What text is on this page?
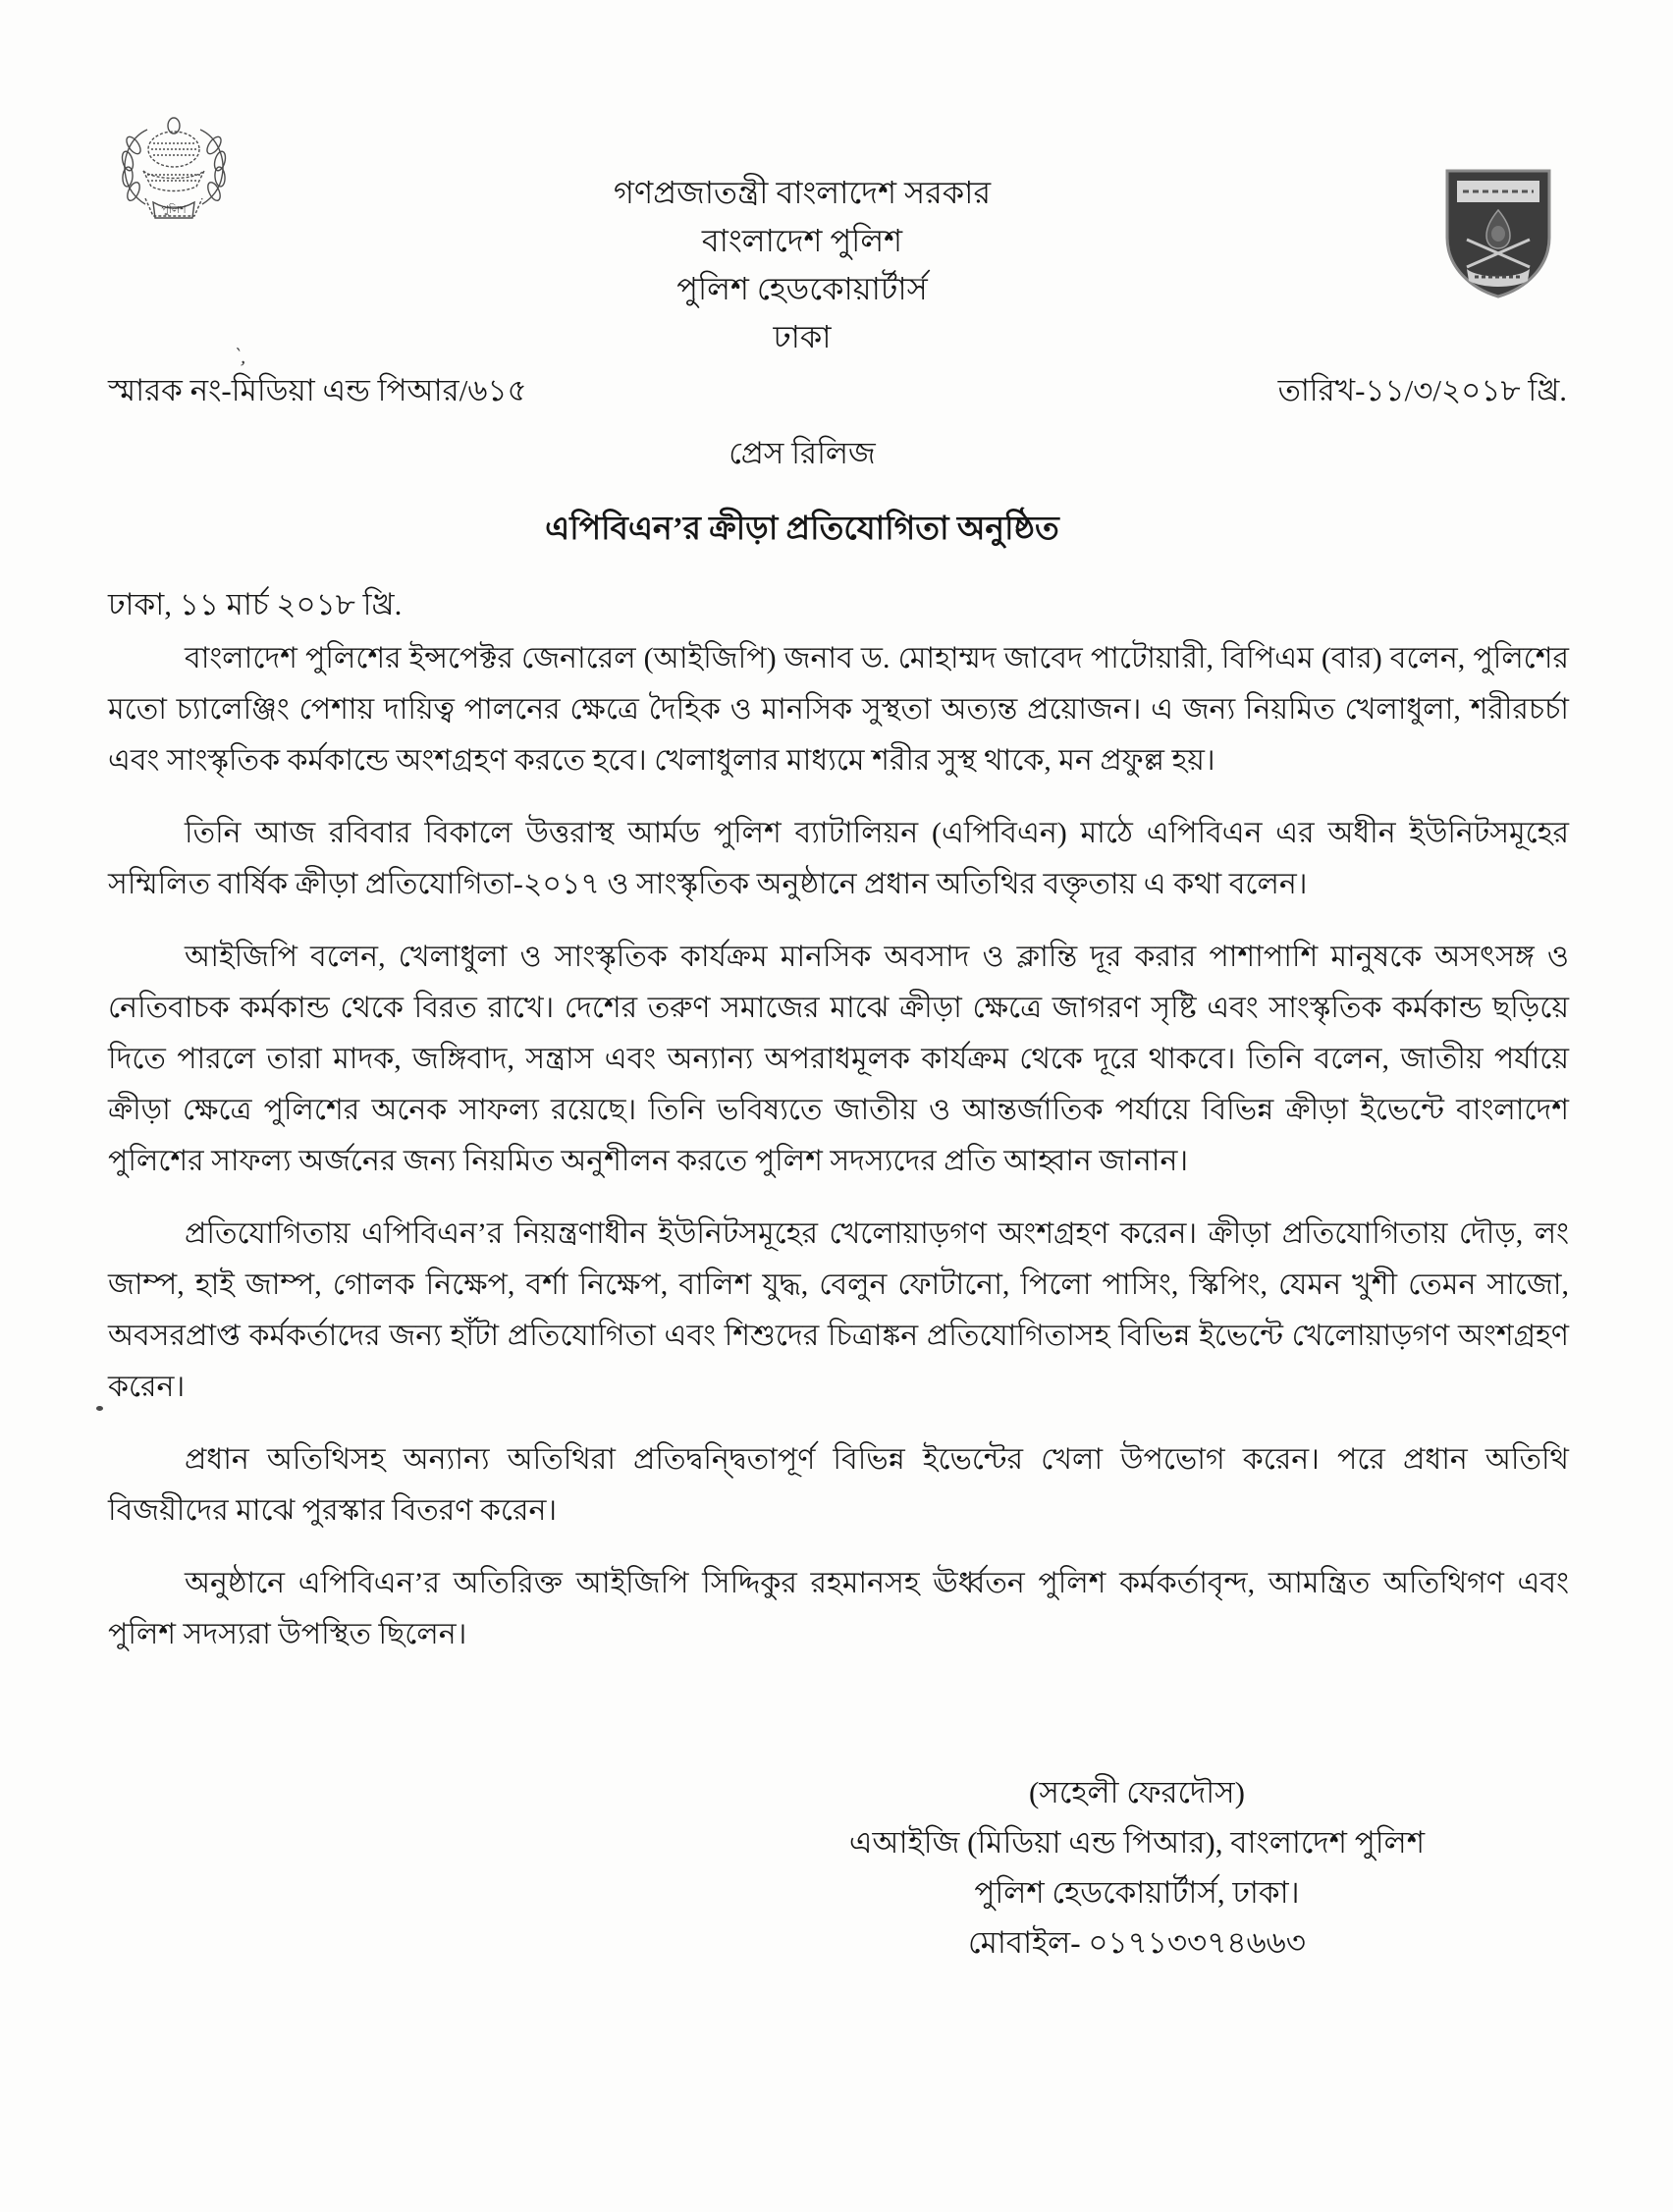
পুলিশ	গণপ্রজাতন্ত্রী বাংলাদেশ সরকার
বাংলাদেশ পুলিশ
পুলিশ হেডকোয়ার্টার্স
ঢাকা
স্মারক নং-মিডিয়া এন্ড পিআর/৬১৫	তারিখ-১১/৩/২০১৮ খ্রি.
` ,
প্রেস রিলিজ
এপিবিএন’র ক্রীড়া প্রতিযোগিতা অনুষ্ঠিত
ঢাকা, ১১ মার্চ ২০১৮ খ্রি.

বাংলাদেশ পুলিশের ইন্সপেক্টর জেনারেল (আইজিপি) জনাব ড. মোহাম্মদ জাবেদ পাটোয়ারী, বিপিএম (বার) বলেন, পুলিশের মতো চ্যালেঞ্জিং পেশায় দায়িত্ব পালনের ক্ষেত্রে দৈহিক ও মানসিক সুস্থতা অত্যন্ত প্রয়োজন। এ জন্য নিয়মিত খেলাধুলা, শরীরচর্চা এবং সাংস্কৃতিক কর্মকান্ডে অংশগ্রহণ করতে হবে। খেলাধুলার মাধ্যমে শরীর সুস্থ থাকে, মন প্রফুল্ল হয়।

তিনি আজ রবিবার বিকালে উত্তরাস্থ আর্মড পুলিশ ব্যাটালিয়ন (এপিবিএন) মাঠে এপিবিএন এর অধীন ইউনিটসমূহের সম্মিলিত বার্ষিক ক্রীড়া প্রতিযোগিতা-২০১৭ ও সাংস্কৃতিক অনুষ্ঠানে প্রধান অতিথির বক্তৃতায় এ কথা বলেন।

আইজিপি বলেন, খেলাধুলা ও সাংস্কৃতিক কার্যক্রম মানসিক অবসাদ ও ক্লান্তি দূর করার পাশাপাশি মানুষকে অসৎসঙ্গ ও নেতিবাচক কর্মকান্ড থেকে বিরত রাখে। দেশের তরুণ সমাজের মাঝে ক্রীড়া ক্ষেত্রে জাগরণ সৃষ্টি এবং সাংস্কৃতিক কর্মকান্ড ছড়িয়ে দিতে পারলে তারা মাদক, জঙ্গিবাদ, সন্ত্রাস এবং অন্যান্য অপরাধমূলক কার্যক্রম থেকে দূরে থাকবে। তিনি বলেন, জাতীয় পর্যায়ে ক্রীড়া ক্ষেত্রে পুলিশের অনেক সাফল্য রয়েছে। তিনি ভবিষ্যতে জাতীয় ও আন্তর্জাতিক পর্যায়ে বিভিন্ন ক্রীড়া ইভেন্টে বাংলাদেশ পুলিশের সাফল্য অর্জনের জন্য নিয়মিত অনুশীলন করতে পুলিশ সদস্যদের প্রতি আহ্বান জানান।

প্রতিযোগিতায় এপিবিএন’র নিয়ন্ত্রণাধীন ইউনিটসমূহের খেলোয়াড়গণ অংশগ্রহণ করেন। ক্রীড়া প্রতিযোগিতায় দৌড়, লং জাম্প, হাই জাম্প, গোলক নিক্ষেপ, বর্শা নিক্ষেপ, বালিশ যুদ্ধ, বেলুন ফোটানো, পিলো পাসিং, স্কিপিং, যেমন খুশী তেমন সাজো, অবসরপ্রাপ্ত কর্মকর্তাদের জন্য হাঁটা প্রতিযোগিতা এবং শিশুদের চিত্রাঙ্কন প্রতিযোগিতাসহ বিভিন্ন ইভেন্টে খেলোয়াড়গণ অংশগ্রহণ করেন।

প্রধান অতিথিসহ অন্যান্য অতিথিরা প্রতিদ্বন্দ্বিতাপূর্ণ বিভিন্ন ইভেন্টের খেলা উপভোগ করেন। পরে প্রধান অতিথি বিজয়ীদের মাঝে পুরস্কার বিতরণ করেন।

অনুষ্ঠানে এপিবিএন’র অতিরিক্ত আইজিপি সিদ্দিকুর রহমানসহ ঊর্ধ্বতন পুলিশ কর্মকর্তাবৃন্দ, আমন্ত্রিত অতিথিগণ এবং পুলিশ সদস্যরা উপস্থিত ছিলেন।

(সহেলী ফেরদৌস)
এআইজি (মিডিয়া এন্ড পিআর), বাংলাদেশ পুলিশ
পুলিশ হেডকোয়ার্টার্স, ঢাকা।
মোবাইল- ০১৭১৩৩৭৪৬৬৩
